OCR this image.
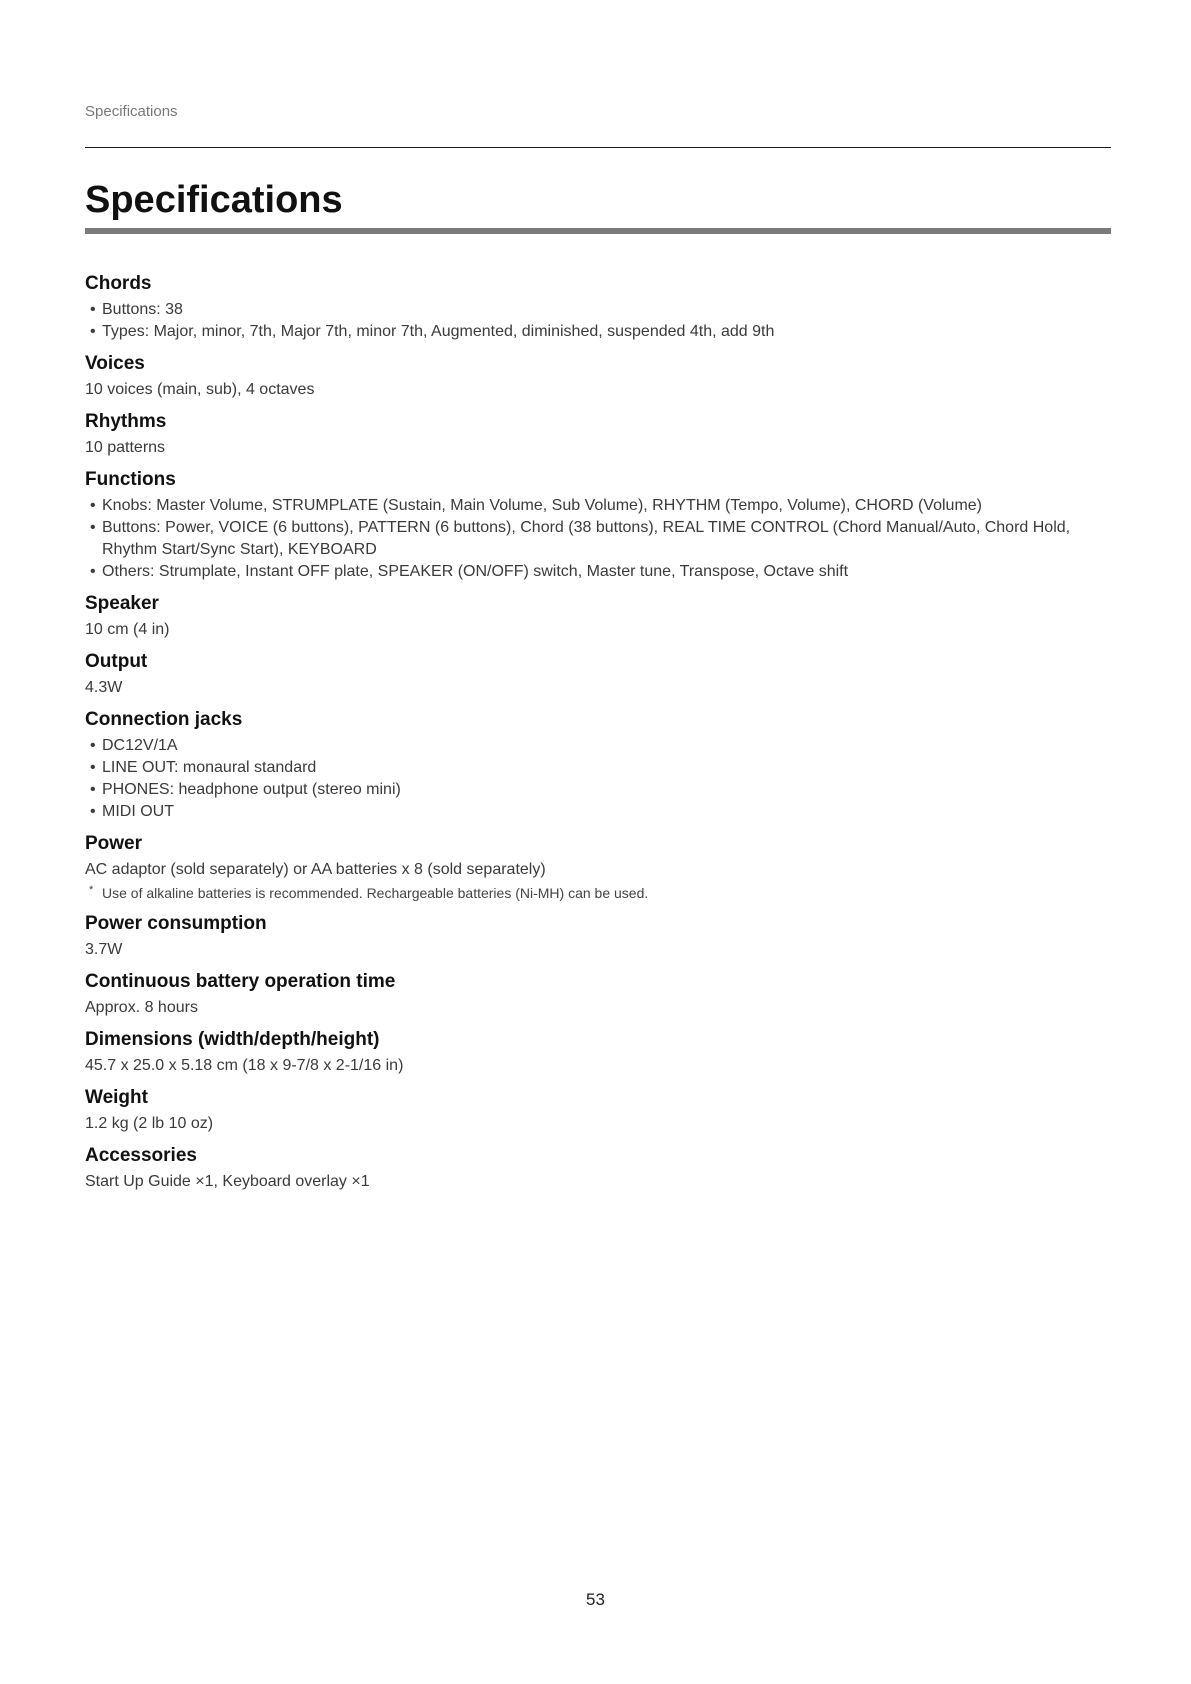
Specifications
Specifications
Chords
• Buttons: 38
• Types: Major, minor, 7th, Major 7th, minor 7th, Augmented, diminished, suspended 4th, add 9th
Voices

10 voices (main, sub), 4 octaves

Rhythms

10 patterns

Functions
• Knobs: Master Volume, STRUMPLATE (Sustain, Main Volume, Sub Volume), RHYTHM (Tempo, Volume), CHORD (Volume)
• Buttons: Power, VOICE (6 buttons), PATTERN (6 buttons), Chord (38 buttons), REAL TIME CONTROL (Chord Manual/Auto, Chord Hold, Rhythm Start/Sync Start), KEYBOARD
• Others: Strumplate, Instant OFF plate, SPEAKER (ON/OFF) switch, Master tune, Transpose, Octave shift
Speaker

10 cm (4 in)

Output

4.3W

Connection jacks
• DC12V/1A
• LINE OUT: monaural standard
• PHONES: headphone output (stereo mini)
• MIDI OUT
Power

AC adaptor (sold separately) or AA batteries x 8 (sold separately)

* Use of alkaline batteries is recommended. Rechargeable batteries (Ni-MH) can be used.

Power consumption

3.7W

Continuous battery operation time

Approx. 8 hours

Dimensions (width/depth/height)

45.7 x 25.0 x 5.18 cm (18 x 9-7/8 x 2-1/16 in)

Weight

1.2 kg (2 lb 10 oz)

Accessories

Start Up Guide ×1, Keyboard overlay ×1

53
